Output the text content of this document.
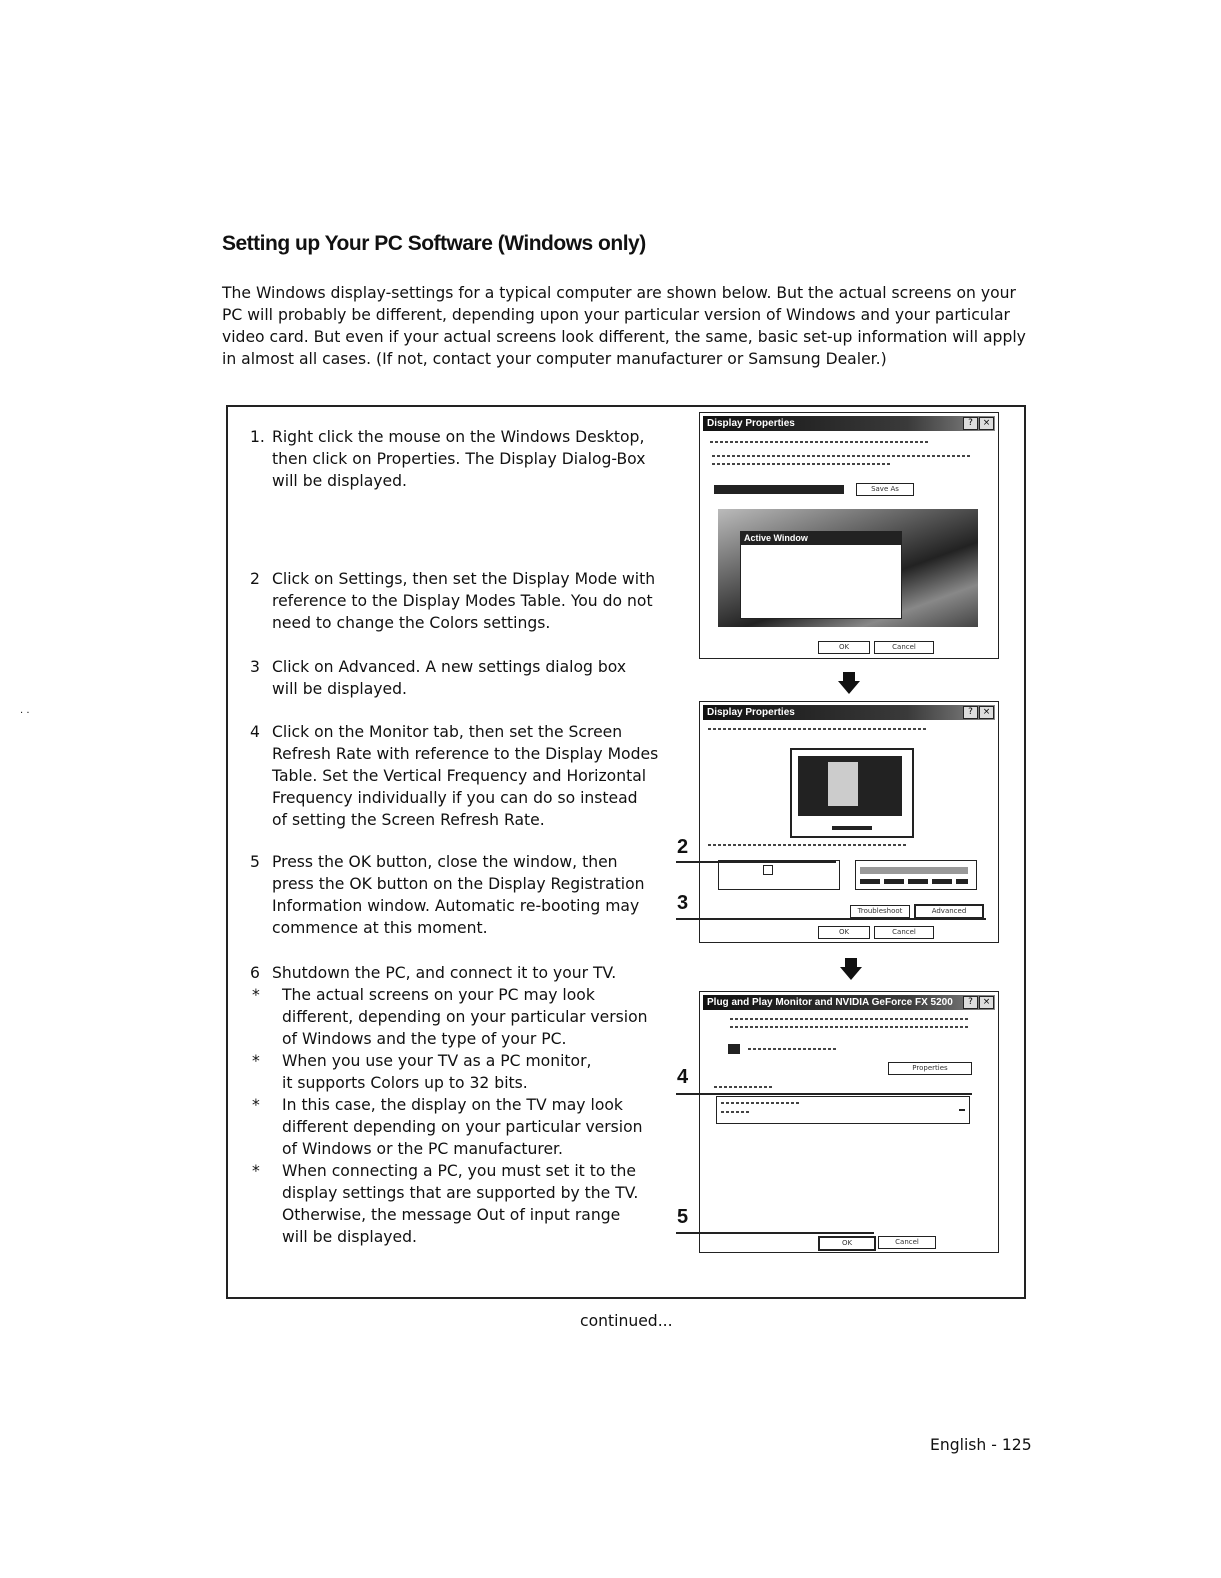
Setting up Your PC Software (Windows only)
The Windows display-settings for a typical computer are shown below. But the actual screens on your
PC will probably be different, depending upon your particular version of Windows and your particular
video card. But even if your actual screens look different, the same, basic set-up information will apply
in almost all cases. (If not, contact your computer manufacturer or Samsung Dealer.)
· ·
1. Right click the mouse on the Windows Desktop,
then click on Properties. The Display Dialog-Box
will be displayed.
2 Click on Settings, then set the Display Mode with
reference to the Display Modes Table. You do not
need to change the Colors settings.
3 Click on Advanced. A new settings dialog box
will be displayed.
4 Click on the Monitor tab, then set the Screen
Refresh Rate with reference to the Display Modes
Table. Set the Vertical Frequency and Horizontal
Frequency individually if you can do so instead
of setting the Screen Refresh Rate.
5 Press the OK button, close the window, then
press the OK button on the Display Registration
Information window. Automatic re-booting may
commence at this moment.
6 Shutdown the PC, and connect it to your TV.
* The actual screens on your PC may look
different, depending on your particular version
of Windows and the type of your PC.
* When you use your TV as a PC monitor,
it supports Colors up to 32 bits.
* In this case, the display on the TV may look
different depending on your particular version
of Windows or the PC manufacturer.
* When connecting a PC, you must set it to the
display settings that are supported by the TV.
Otherwise, the message Out of input range
will be displayed.
Display Properties	?	×
Save As
Active Window
OK	Cancel
Display Properties	?	×
Troubleshoot	Advanced
OK	Cancel
Plug and Play Monitor and NVIDIA GeForce FX 5200	?	×
Properties
OK	Cancel
2
3
4
5
continued...
English - 125
